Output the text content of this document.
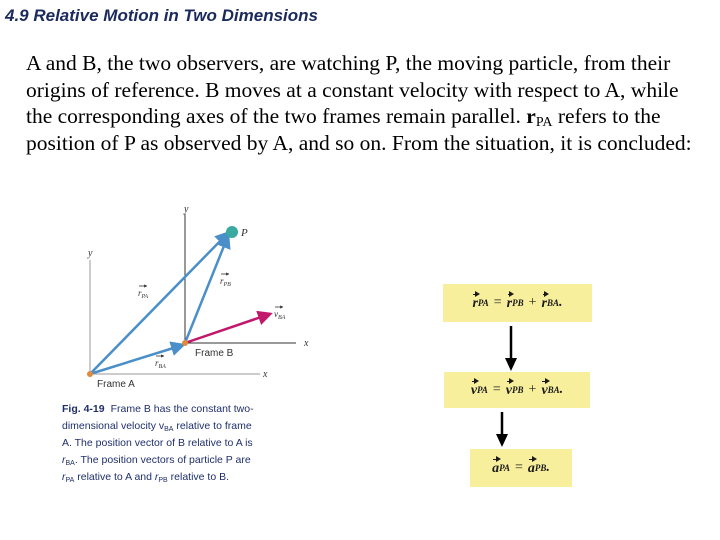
4.9 Relative Motion in Two Dimensions
A and B, the two observers, are watching P, the moving particle, from their origins of reference. B moves at a constant velocity with respect to A, while the corresponding axes of the two frames remain parallel. $r_{PA}$ refers to the position of P as observed by A, and so on. From the situation, it is concluded:
y
y
x
x
P
Frame B
Frame A
$r_{PA}$
$r_{PB}$
$r_{BA}$
$v_{BA}$
Fig. 4-19 Frame B has the constant two-
dimensional velocity vBA relative to frame
A. The position vector of B relative to A is
rBA. The position vectors of particle P are
rPA relative to A and rPB relative to B.
r PA = r PB + r BA .
v PA = v PB + v BA .
a PA = a PB .
